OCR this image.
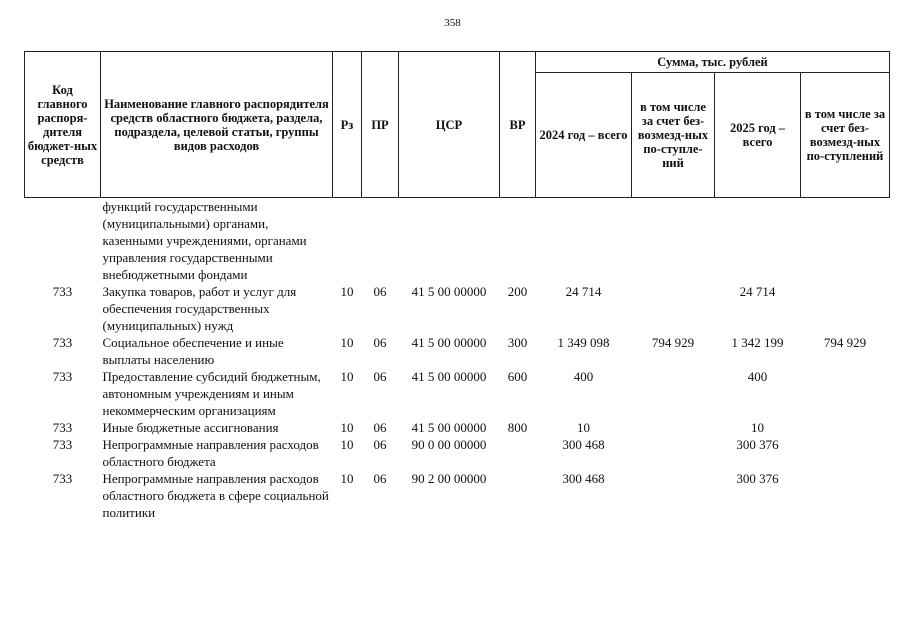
358
Код главного распоря-дителя бюджет-ных средств	Наименование главного распорядителя средств областного бюджета, раздела, подраздела, целевой статьи, группы видов расходов	Рз	ПР	ЦСР	ВР	Сумма, тыс. рублей			
						2024 год – всего	в том числе за счет без-возмезд-ных по-ступле-ний	2025 год – всего	в том числе за счет без-возмезд-ных по-ступлений
	функций государственными (муниципальными) органами, казенными учреждениями, органами управления государственными внебюджетными фондами								
733	Закупка товаров, работ и услуг для обеспечения государственных (муниципальных) нужд	10	06	41 5 00 00000	200	24 714		24 714	
733	Социальное обеспечение и иные выплаты населению	10	06	41 5 00 00000	300	1 349 098	794 929	1 342 199	794 929
733	Предоставление субсидий бюджетным, автономным учреждениям и иным некоммерческим организациям	10	06	41 5 00 00000	600	400		400	
733	Иные бюджетные ассигнования	10	06	41 5 00 00000	800	10		10	
733	Непрограммные направления расходов областного бюджета	10	06	90 0 00 00000		300 468		300 376	
733	Непрограммные направления расходов областного бюджета в сфере социальной политики	10	06	90 2 00 00000		300 468		300 376	
